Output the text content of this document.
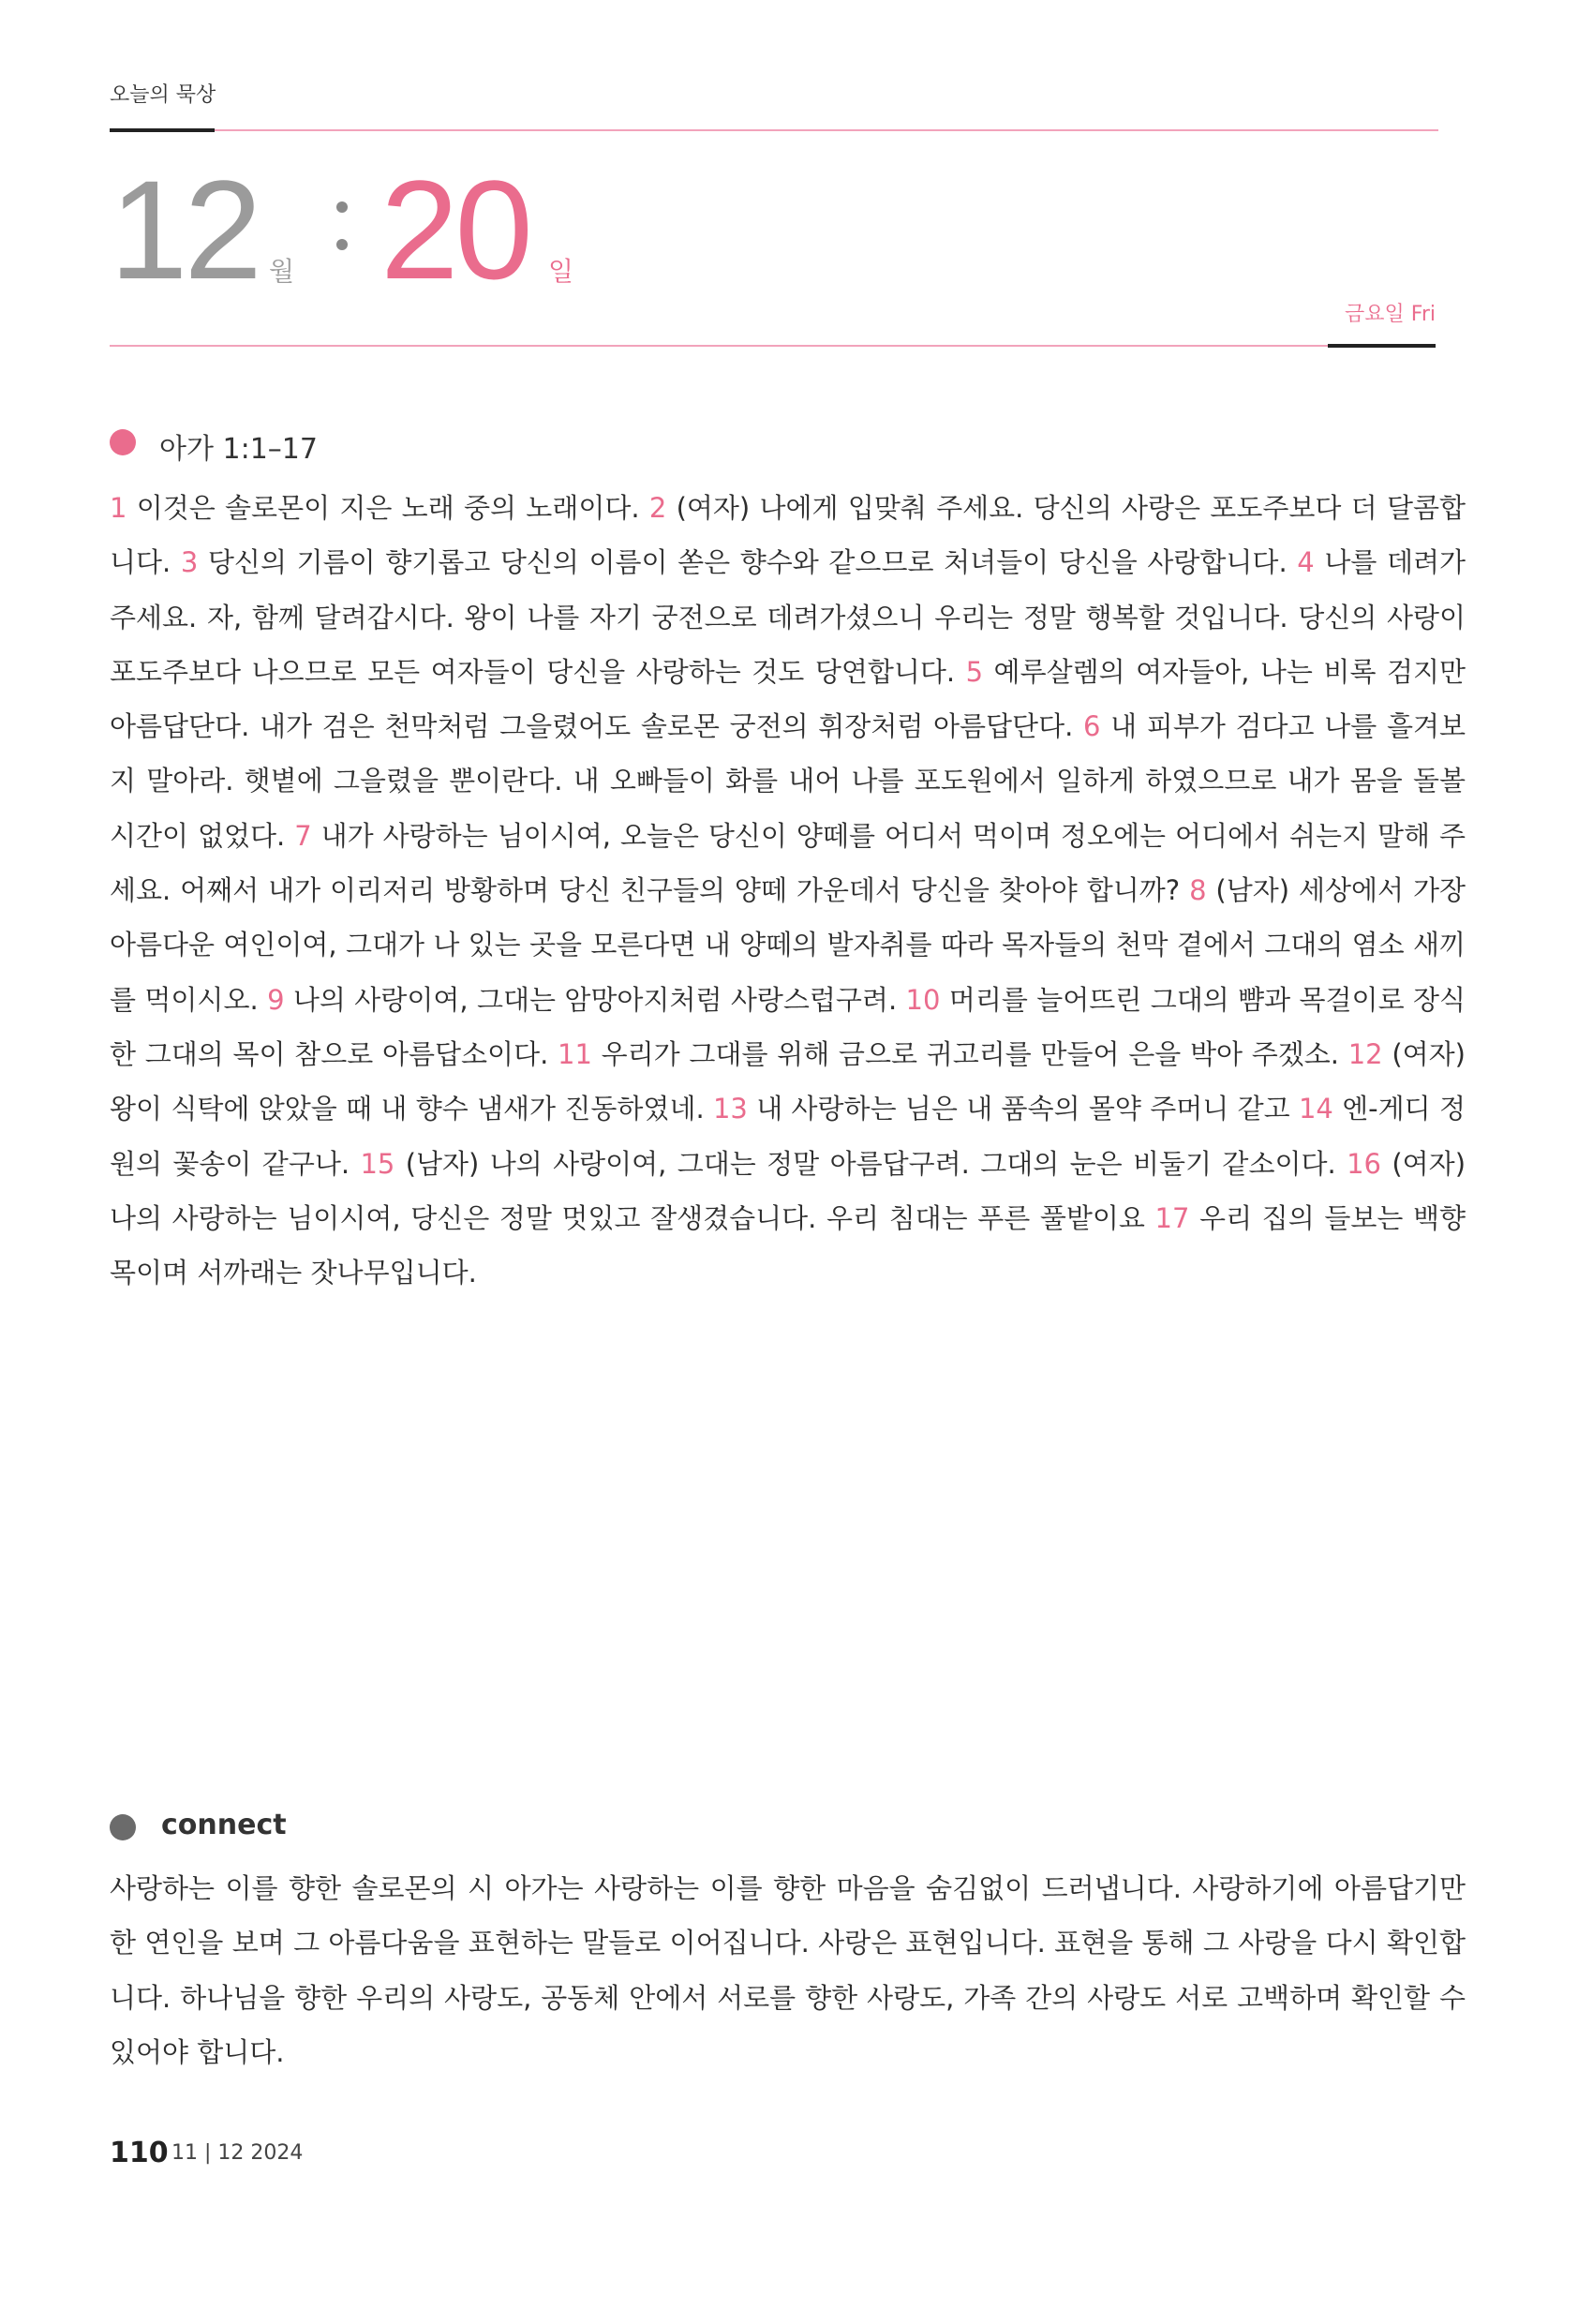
오늘의 묵상
12 월 20 일
금요일 Fri
아가 1:1–17
1 이것은 솔로몬이 지은 노래 중의 노래이다. 2 (여자) 나에게 입맞춰 주세요. 당신의 사랑은 포도주보다 더 달콤합니다. 3 당신의 기름이 향기롭고 당신의 이름이 쏟은 향수와 같으므로 처녀들이 당신을 사랑합니다. 4 나를 데려가 주세요. 자, 함께 달려갑시다. 왕이 나를 자기 궁전으로 데려가셨으니 우리는 정말 행복할 것입니다. 당신의 사랑이 포도주보다 나으므로 모든 여자들이 당신을 사랑하는 것도 당연합니다. 5 예루살렘의 여자들아, 나는 비록 검지만 아름답단다. 내가 검은 천막처럼 그을렸어도 솔로몬 궁전의 휘장처럼 아름답단다. 6 내 피부가 검다고 나를 흘겨보지 말아라. 햇볕에 그을렸을 뿐이란다. 내 오빠들이 화를 내어 나를 포도원에서 일하게 하였으므로 내가 몸을 돌볼 시간이 없었다. 7 내가 사랑하는 님이시여, 오늘은 당신이 양떼를 어디서 먹이며 정오에는 어디에서 쉬는지 말해 주세요. 어째서 내가 이리저리 방황하며 당신 친구들의 양떼 가운데서 당신을 찾아야 합니까? 8 (남자) 세상에서 가장 아름다운 여인이여, 그대가 나 있는 곳을 모른다면 내 양떼의 발자취를 따라 목자들의 천막 곁에서 그대의 염소 새끼를 먹이시오. 9 나의 사랑이여, 그대는 암망아지처럼 사랑스럽구려. 10 머리를 늘어뜨린 그대의 뺨과 목걸이로 장식한 그대의 목이 참으로 아름답소이다. 11 우리가 그대를 위해 금으로 귀고리를 만들어 은을 박아 주겠소. 12 (여자) 왕이 식탁에 앉았을 때 내 향수 냄새가 진동하였네. 13 내 사랑하는 님은 내 품속의 몰약 주머니 같고 14 엔-게디 정원의 꽃송이 같구나. 15 (남자) 나의 사랑이여, 그대는 정말 아름답구려. 그대의 눈은 비둘기 같소이다. 16 (여자) 나의 사랑하는 님이시여, 당신은 정말 멋있고 잘생겼습니다. 우리 침대는 푸른 풀밭이요 17 우리 집의 들보는 백향목이며 서까래는 잣나무입니다.
connect
사랑하는 이를 향한 솔로몬의 시 아가는 사랑하는 이를 향한 마음을 숨김없이 드러냅니다. 사랑하기에 아름답기만 한 연인을 보며 그 아름다움을 표현하는 말들로 이어집니다. 사랑은 표현입니다. 표현을 통해 그 사랑을 다시 확인합니다. 하나님을 향한 우리의 사랑도, 공동체 안에서 서로를 향한 사랑도, 가족 간의 사랑도 서로 고백하며 확인할 수 있어야 합니다.
110 11 | 12 2024
